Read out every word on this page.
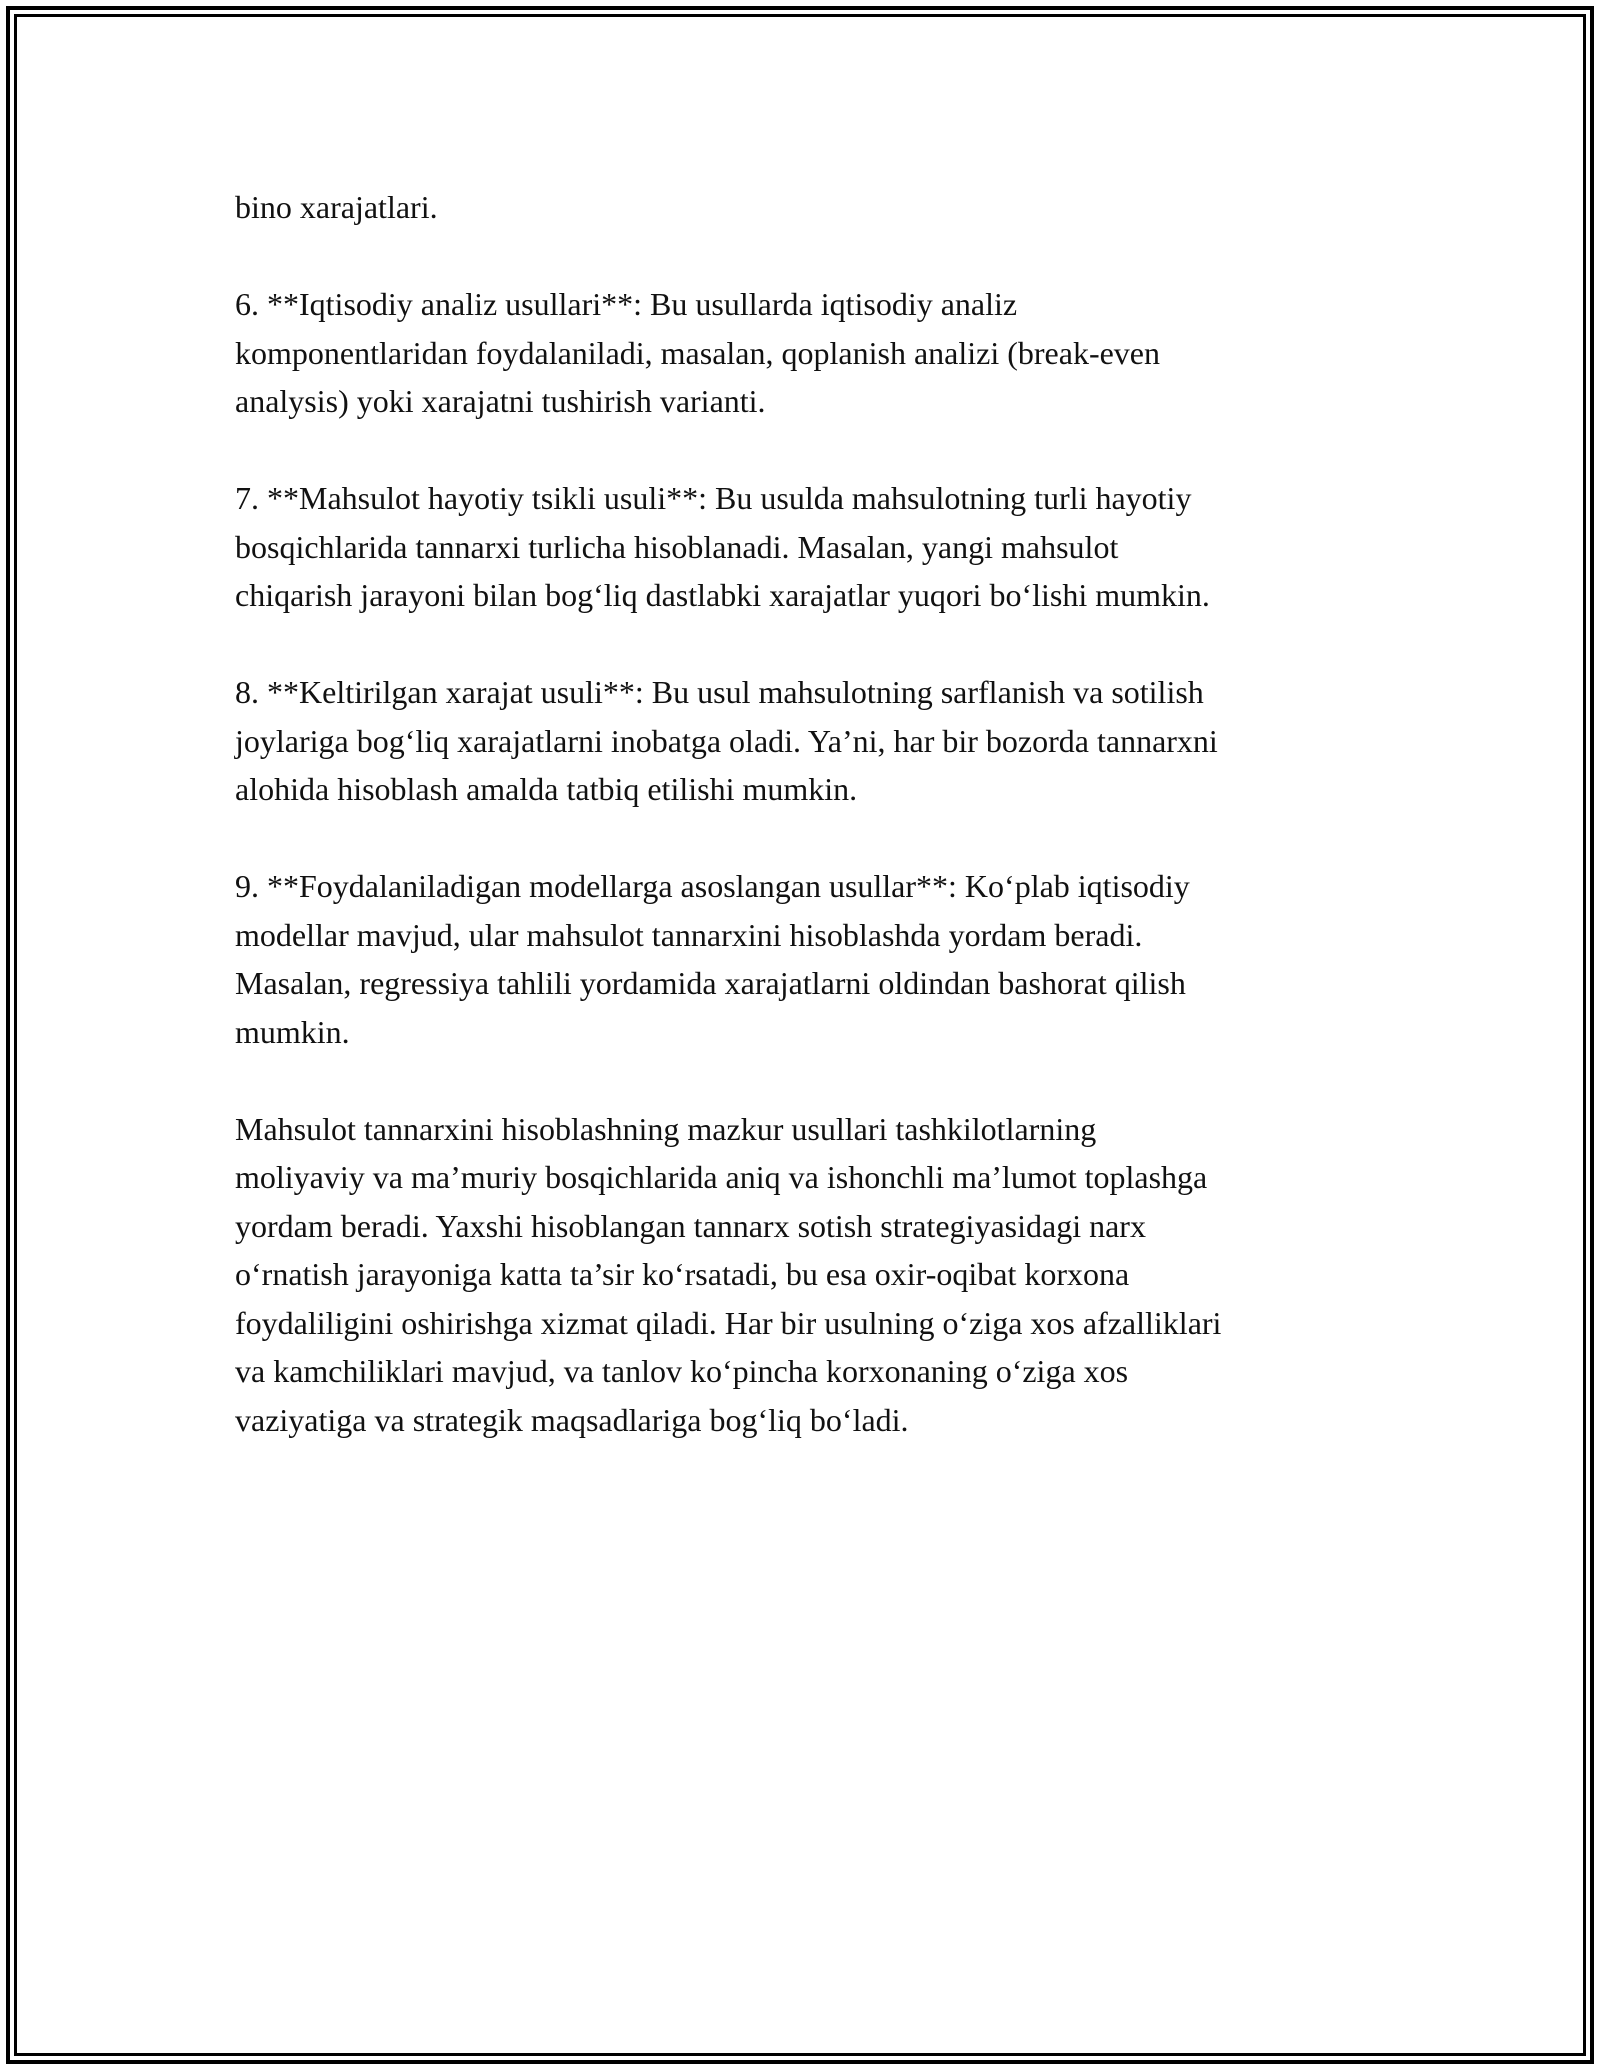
bino xarajatlari.

6. **Iqtisodiy analiz usullari**: Bu usullarda iqtisodiy analiz
komponentlaridan foydalaniladi, masalan, qoplanish analizi (break-even
analysis) yoki xarajatni tushirish varianti.

7. **Mahsulot hayotiy tsikli usuli**: Bu usulda mahsulotning turli hayotiy
bosqichlarida tannarxi turlicha hisoblanadi. Masalan, yangi mahsulot
chiqarish jarayoni bilan bog‘liq dastlabki xarajatlar yuqori bo‘lishi mumkin.

8. **Keltirilgan xarajat usuli**: Bu usul mahsulotning sarflanish va sotilish
joylariga bog‘liq xarajatlarni inobatga oladi. Ya’ni, har bir bozorda tannarxni
alohida hisoblash amalda tatbiq etilishi mumkin.

9. **Foydalaniladigan modellarga asoslangan usullar**: Ko‘plab iqtisodiy
modellar mavjud, ular mahsulot tannarxini hisoblashda yordam beradi.
Masalan, regressiya tahlili yordamida xarajatlarni oldindan bashorat qilish
mumkin.

Mahsulot tannarxini hisoblashning mazkur usullari tashkilotlarning
moliyaviy va ma’muriy bosqichlarida aniq va ishonchli ma’lumot toplashga
yordam beradi. Yaxshi hisoblangan tannarx sotish strategiyasidagi narx
o‘rnatish jarayoniga katta ta’sir ko‘rsatadi, bu esa oxir-oqibat korxona
foydaliligini oshirishga xizmat qiladi. Har bir usulning o‘ziga xos afzalliklari
va kamchiliklari mavjud, va tanlov ko‘pincha korxonaning o‘ziga xos
vaziyatiga va strategik maqsadlariga bog‘liq bo‘ladi.
